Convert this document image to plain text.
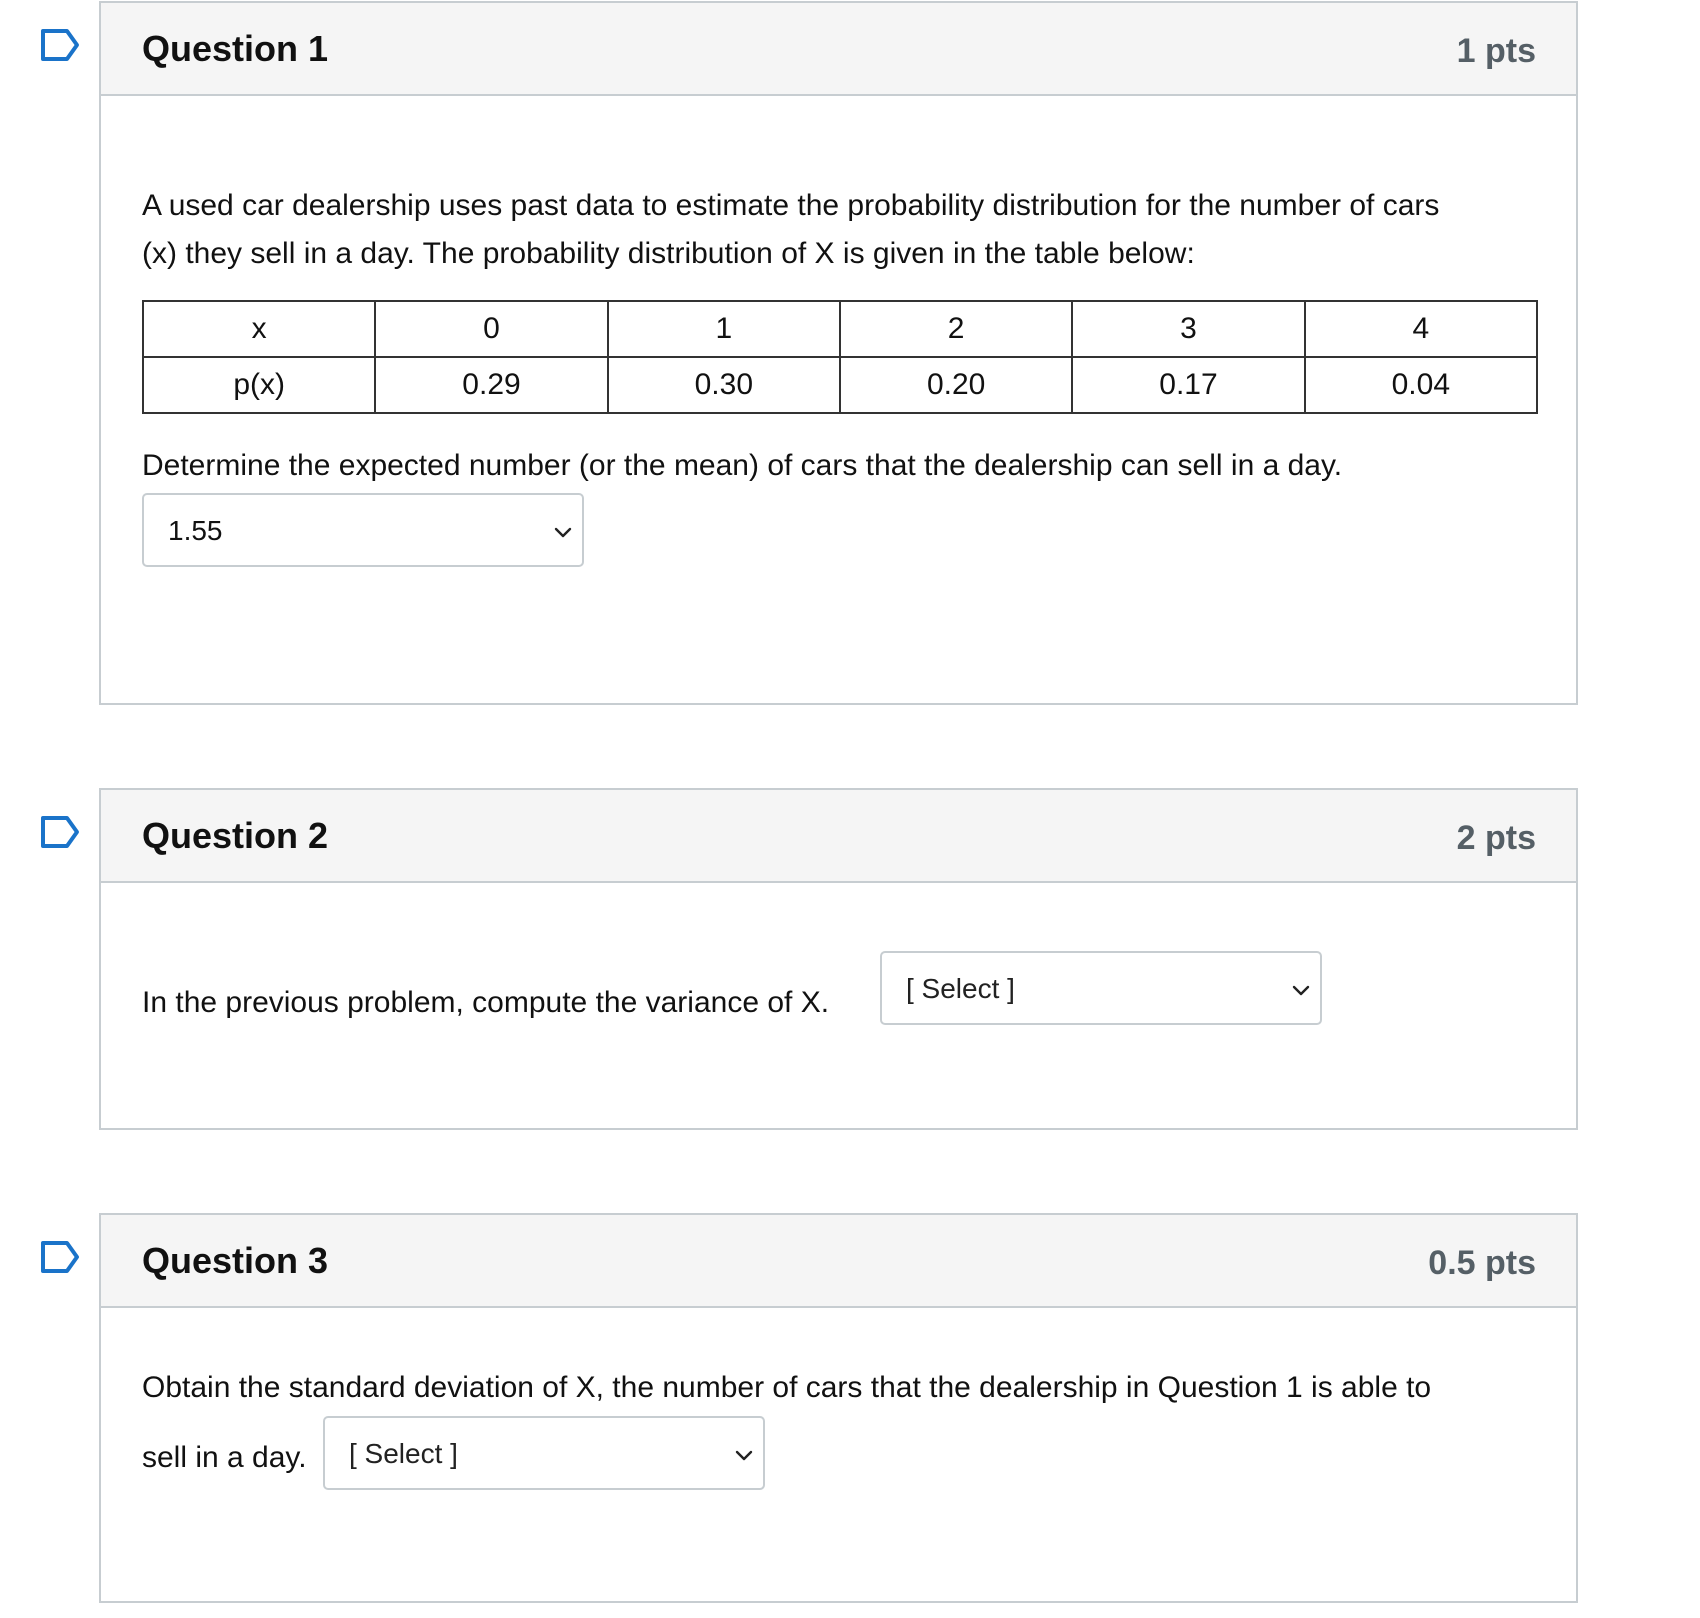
Question 1	1 pts
A used car dealership uses past data to estimate the probability distribution for the number of cars
(x) they sell in a day. The probability distribution of X is given in the table below:
x	0	1	2	3	4
p(x)	0.29	0.30	0.20	0.17	0.04
Determine the expected number (or the mean) of cars that the dealership can sell in a day.
1.55
Question 2	2 pts
In the previous problem, compute the variance of X.	[ Select ]
Question 3	0.5 pts
Obtain the standard deviation of X, the number of cars that the dealership in Question 1 is able to
sell in a day. [ Select ]
